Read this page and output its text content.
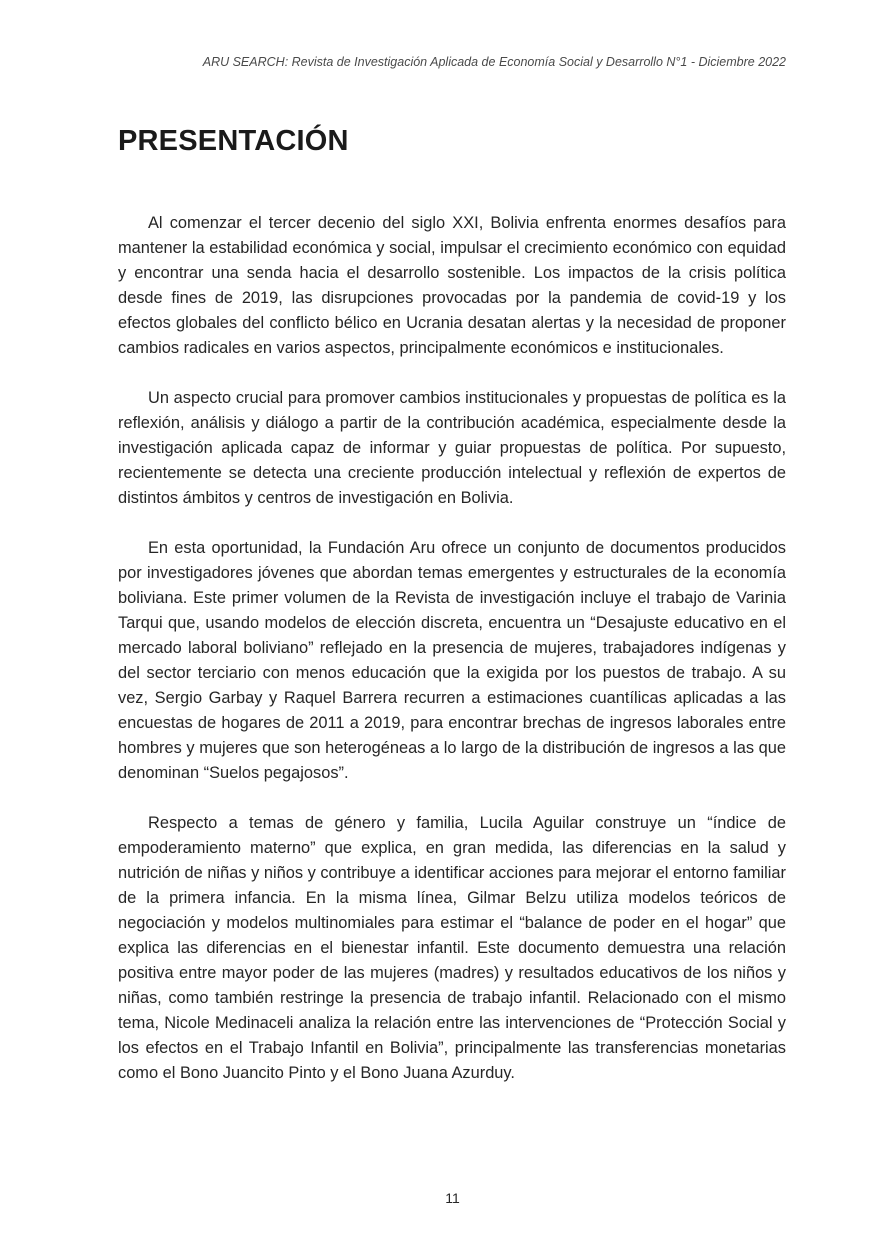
ARU SEARCH: Revista de Investigación Aplicada de Economía Social y Desarrollo N°1 - Diciembre 2022
PRESENTACIÓN

Al comenzar el tercer decenio del siglo XXI, Bolivia enfrenta enormes desafíos para mantener la estabilidad económica y social, impulsar el crecimiento económico con equidad y encontrar una senda hacia el desarrollo sostenible. Los impactos de la crisis política desde fines de 2019, las disrupciones provocadas por la pandemia de covid-19 y los efectos globales del conflicto bélico en Ucrania desatan alertas y la necesidad de proponer cambios radicales en varios aspectos, principalmente económicos e institucionales.

Un aspecto crucial para promover cambios institucionales y propuestas de política es la reflexión, análisis y diálogo a partir de la contribución académica, especialmente desde la investigación aplicada capaz de informar y guiar propuestas de política. Por supuesto, recientemente se detecta una creciente producción intelectual y reflexión de expertos de distintos ámbitos y centros de investigación en Bolivia.

En esta oportunidad, la Fundación Aru ofrece un conjunto de documentos producidos por investigadores jóvenes que abordan temas emergentes y estructurales de la economía boliviana. Este primer volumen de la Revista de investigación incluye el trabajo de Varinia Tarqui que, usando modelos de elección discreta, encuentra un “Desajuste educativo en el mercado laboral boliviano” reflejado en la presencia de mujeres, trabajadores indígenas y del sector terciario con menos educación que la exigida por los puestos de trabajo. A su vez, Sergio Garbay y Raquel Barrera recurren a estimaciones cuantílicas aplicadas a las encuestas de hogares de 2011 a 2019, para encontrar brechas de ingresos laborales entre hombres y mujeres que son heterogéneas a lo largo de la distribución de ingresos a las que denominan “Suelos pegajosos”.

Respecto a temas de género y familia, Lucila Aguilar construye un “índice de empoderamiento materno” que explica, en gran medida, las diferencias en la salud y nutrición de niñas y niños y contribuye a identificar acciones para mejorar el entorno familiar de la primera infancia. En la misma línea, Gilmar Belzu utiliza modelos teóricos de negociación y modelos multinomiales para estimar el “balance de poder en el hogar” que explica las diferencias en el bienestar infantil. Este documento demuestra una relación positiva entre mayor poder de las mujeres (madres) y resultados educativos de los niños y niñas, como también restringe la presencia de trabajo infantil. Relacionado con el mismo tema, Nicole Medinaceli analiza la relación entre las intervenciones de “Protección Social y los efectos en el Trabajo Infantil en Bolivia”, principalmente las transferencias monetarias como el Bono Juancito Pinto y el Bono Juana Azurduy.

11
